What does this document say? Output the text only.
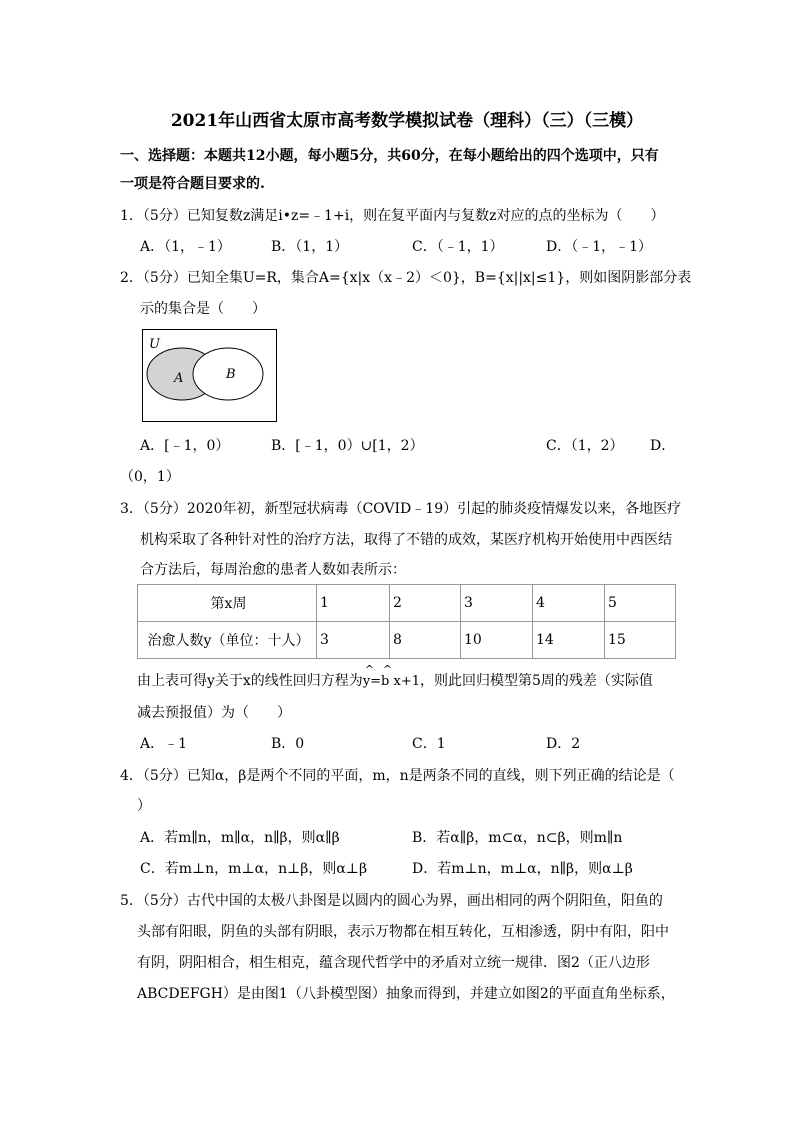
2021年山西省太原市高考数学模拟试卷（理科）（三）（三模）
一、选择题：本题共12小题，每小题5分，共60分，在每小题给出的四个选项中，只有
一项是符合题目要求的.
1．（5分）已知复数z满足i•z=﹣1+i，则在复平面内与复数z对应的点的坐标为（　　）
A．（1，﹣1）	B．（1，1）	C．（﹣1，1）	D．（﹣1，﹣1）
2．（5分）已知全集U=R，集合A={x|x（x﹣2）＜0}，B={x||x|≤1}，则如图阴影部分表
示的集合是（　　）
U
A	B
A．[﹣1，0）	B．[﹣1，0）∪[1，2）	C．（1，2） D．
（0，1）
3．（5分）2020年初，新型冠状病毒（COVID﹣19）引起的肺炎疫情爆发以来，各地医疗
机构采取了各种针对性的治疗方法，取得了不错的成效，某医疗机构开始使用中西医结
合方法后，每周治愈的患者人数如表所示：
第x周	1	2	3	4	5
治愈人数y（单位：十人）	3	8	10	14	15
由上表可得y关于x的线性回归方程为
^ ^
y=b x+1，则此回归模型第5周的残差（实际值
减去预报值）为（　　）
A．﹣1	B．0	C．1	D．2
4．（5分）已知α，β是两个不同的平面，m，n是两条不同的直线，则下列正确的结论是（
）
A．若m∥n，m∥α，n∥β，则α∥β	B．若α∥β，m⊂α，n⊂β，则m∥n
C．若m⊥n，m⊥α，n⊥β，则α⊥β	D．若m⊥n，m⊥α，n∥β，则α⊥β
5．（5分）古代中国的太极八卦图是以圆内的圆心为界，画出相同的两个阴阳鱼，阳鱼的
头部有阳眼，阴鱼的头部有阴眼，表示万物都在相互转化，互相渗透，阴中有阳，阳中
有阴，阴阳相合，相生相克，蕴含现代哲学中的矛盾对立统一规律．图2（正八边形
ABCDEFGH）是由图1（八卦模型图）抽象而得到，并建立如图2的平面直角坐标系，
